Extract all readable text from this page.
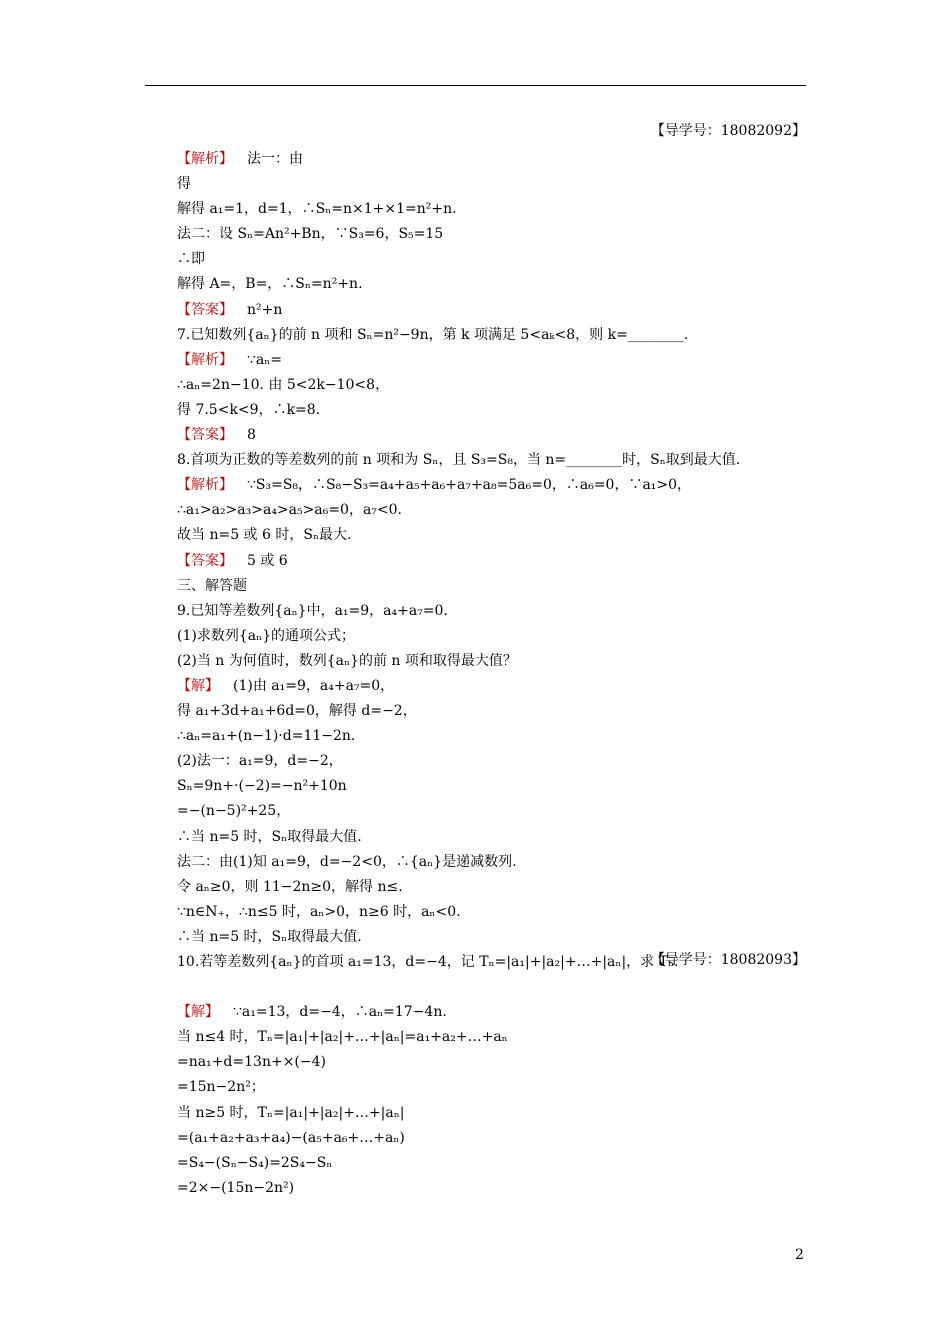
【导学号：18082092】
【导学号：18082093】
【解析】 法一：由
得
解得 a₁=1，d=1，∴Sₙ=n×1+×1=n²+n.
法二：设 Sₙ=An²+Bn，∵S₃=6，S₅=15
∴即
解得 A=，B=，∴Sₙ=n²+n.
【答案】 n²+n
7.已知数列{aₙ}的前 n 项和 Sₙ=n²−9n，第 k 项满足 5<aₖ<8，则 k=________.
【解析】 ∵aₙ=
∴aₙ=2n−10. 由 5<2k−10<8，
得 7.5<k<9，∴k=8.
【答案】 8
8.首项为正数的等差数列的前 n 项和为 Sₙ，且 S₃=S₈，当 n=________时，Sₙ取到最大值.
【解析】 ∵S₃=S₈，∴S₈−S₃=a₄+a₅+a₆+a₇+a₈=5a₆=0，∴a₆=0，∵a₁>0，
∴a₁>a₂>a₃>a₄>a₅>a₆=0，a₇<0.
故当 n=5 或 6 时，Sₙ最大.
【答案】 5 或 6
三、解答题
9.已知等差数列{aₙ}中，a₁=9，a₄+a₇=0.
(1)求数列{aₙ}的通项公式；
(2)当 n 为何值时，数列{aₙ}的前 n 项和取得最大值？
【解】 (1)由 a₁=9，a₄+a₇=0，
得 a₁+3d+a₁+6d=0，解得 d=−2，
∴aₙ=a₁+(n−1)·d=11−2n.
(2)法一：a₁=9，d=−2，
Sₙ=9n+·(−2)=−n²+10n
=−(n−5)²+25，
∴当 n=5 时，Sₙ取得最大值.
法二：由(1)知 a₁=9，d=−2<0，∴{aₙ}是递减数列.
令 aₙ≥0，则 11−2n≥0，解得 n≤.
∵n∈N₊，∴n≤5 时，aₙ>0，n≥6 时，aₙ<0.
∴当 n=5 时，Sₙ取得最大值.
10.若等差数列{aₙ}的首项 a₁=13，d=−4，记 Tₙ=|a₁|+|a₂|+…+|aₙ|，求 Tₙ.
【解】 ∵a₁=13，d=−4，∴aₙ=17−4n.
当 n≤4 时，Tₙ=|a₁|+|a₂|+…+|aₙ|=a₁+a₂+…+aₙ
=na₁+d=13n+×(−4)
=15n−2n²；
当 n≥5 时，Tₙ=|a₁|+|a₂|+…+|aₙ|
=(a₁+a₂+a₃+a₄)−(a₅+a₆+…+aₙ)
=S₄−(Sₙ−S₄)=2S₄−Sₙ
=2×−(15n−2n²)
2
